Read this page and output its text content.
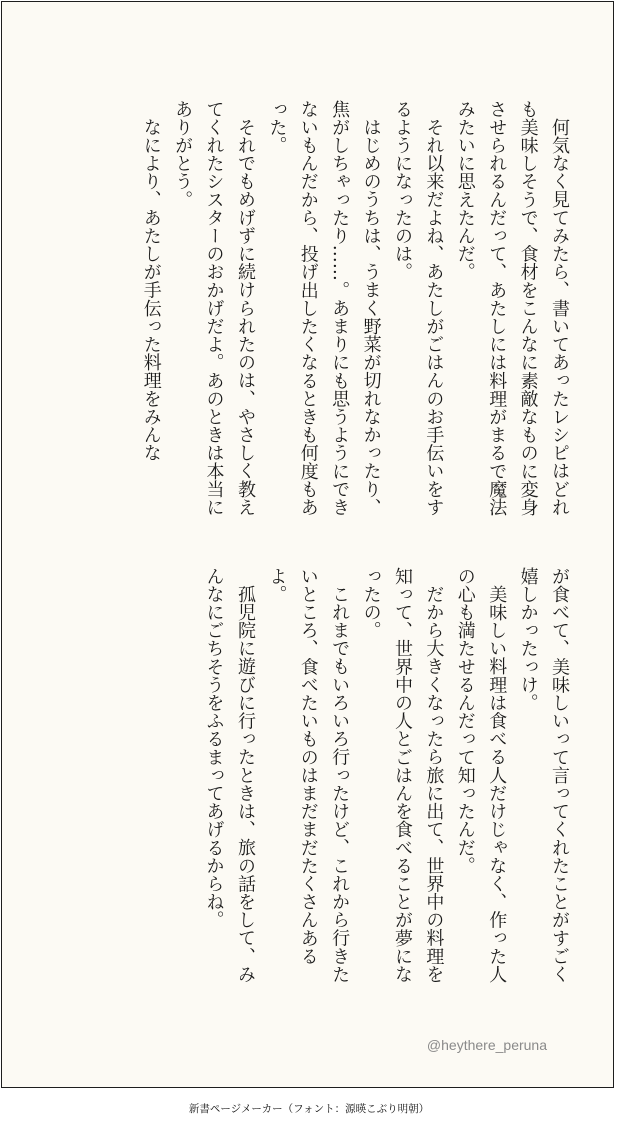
何気なく見てみたら、書いてあったレシピはどれも美味しそうで、食材をこんなに素敵なものに変身させられるんだって、あたしには料理がまるで魔法みたいに思えたんだ。

それ以来だよね、あたしがごはんのお手伝いをするようになったのは。

はじめのうちは、うまく野菜が切れなかったり、焦がしちゃったり……。あまりにも思うようにできないもんだから、投げ出したくなるときも何度もあった。

それでもめげずに続けられたのは、やさしく教えてくれたシスターのおかげだよ。あのときは本当にありがとう。

なにより、あたしが手伝った料理をみんな

が食べて、美味しいって言ってくれたことがすごく嬉しかったっけ。

美味しい料理は食べる人だけじゃなく、作った人の心も満たせるんだって知ったんだ。

だから大きくなったら旅に出て、世界中の料理を知って、世界中の人とごはんを食べることが夢になったの。

これまでもいろいろ行ったけど、これから行きたいところ、食べたいものはまだまだたくさんあるよ。

孤児院に遊びに行ったときは、旅の話をして、みんなにごちそうをふるまってあげるからね。

@heythere_peruna
新書ページメーカー（フォント：源暎こぶり明朝）
